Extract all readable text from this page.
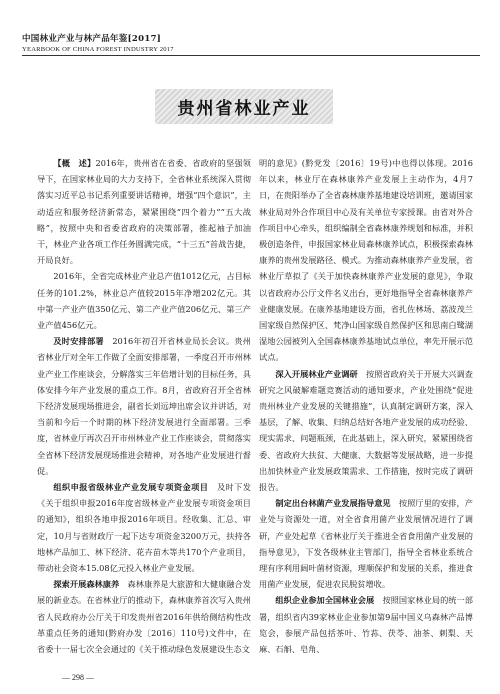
中国林业产业与林产品年鉴[2017]
YEARBOOK OF CHINA FOREST INDUSTRY 2017
贵州省林业产业

【概　述】2016年，贵州省在省委、省政府的坚强领导下，在国家林业局的大力支持下，全省林业系统深入贯彻落实习近平总书记系列重要讲话精神，增强“四个意识”，主动适应和服务经济新常态，紧紧围绕“四个着力”“五大战略”，按照中央和省委省政府的决策部署，推起袖子加油干，林业产业各项工作任务圆满完成，“十三五”首战告捷，开局良好。

2016年，全省完成林业产业总产值1012亿元，占目标任务的101.2%，林业总产值较2015年净增202亿元。其中第一产业产值350亿元、第二产业产值206亿元、第三产业产值456亿元。

及时安排部署　 2016年初召开省林业局长会议。贵州省林业厅对全年工作做了全面安排部署，一季度召开市州林业产业工作座谈会，分解落实三年倍增计划的目标任务，具体安排今年产业发展的重点工作。8月，省政府召开全省林下经济发展现场推进会，副省长刘远坤出席会议并讲话，对当前和今后一个时期的林下经济发展进行全面部署。三季度，省林业厅再次召开市州林业产业工作座谈会，贯彻落实全省林下经济发展现场推进会精神，对各地产业发展进行督促。

组织申报省级林业产业发展专项资金项目　 及时下发《关于组织申报2016年度省级林业产业发展专项资金项目的通知》，组织各地申报2016年项目。经收集、汇总、审定，10月与省财政厅一起下达专项资金3200万元，扶持各地林产品加工、林下经济、花卉苗木等共170个产业项目，带动社会资本15.08亿元投入林业产业发展。

探索开展森林康养　 森林康养是大旅游和大健康融合发展的新业态。在省林业厅的推动下，森林康养首次写入贵州省人民政府办公厅关于印发贵州省2016年供给侧结构性改革重点任务的通知(黔府办发〔2016〕110号)文件中，在省委十一届七次全会通过的《关于推动绿色发展建设生态文

明的意见》(黔党发〔2016〕19号)中也得以体现。2016年以来，林业厅在森林康养产业发展上主动作为，4月7日，在贵阳举办了全省森林康养基地建设培训班，邀请国家林业局对外合作项目中心及有关单位专家授课。由省对外合作项目中心牵头，组织编制全省森林康养规划和标准，并积极创造条件，申报国家林业局森林康养试点，积极探索森林康养的贵州发展路径、模式。为推动森林康养产业发展，省林业厅草拟了《关于加快森林康养产业发展的意见》，争取以省政府办公厅文件名义出台，更好地指导全省森林康养产业健康发展。在康养基地建设方面，省扎佐林场、荔波茂兰国家级自然保护区、梵净山国家级自然保护区和思南白鹭湖湿地公园被列入全国森林康养基地试点单位，率先开展示范试点。

深入开展林业产业调研　 按照省政府关于开展大兴调查研究之风破解难题竞赛活动的通知要求，产业处围绕“促进贵州林业产业发展的关键措施”，认真制定调研方案，深入基层，了解、收集、归纳总结好各地产业发展的成功经验、现实需求、问题瓶颈，在此基础上，深入研究，紧紧围绕省委、省政府大扶贫、大健康、大数据等发展战略，进一步提出加快林业产业发展政策需求、工作措施，按时完成了调研报告。

制定出台林菌产业发展指导意见　 按照厅里的安排，产业处与资源处一道，对全省食用菌产业发展情况进行了调研，产业处起草《省林业厅关于推进全省食用菌产业发展的指导意见》，下发各级林业主管部门，指导全省林业系统合理有序利用阔叶菌材资源，理顺保护和发展的关系，推进食用菌产业发展，促进农民脱贫增收。

组织企业参加全国林业会展　 按照国家林业局的统一部署，组织省内39家林业企业参加第9届中国义乌森林产品博览会，参展产品包括茶叶、竹荪、茯苓、油茶、刺梨、天麻、石斛、皂角、

— 298 —
